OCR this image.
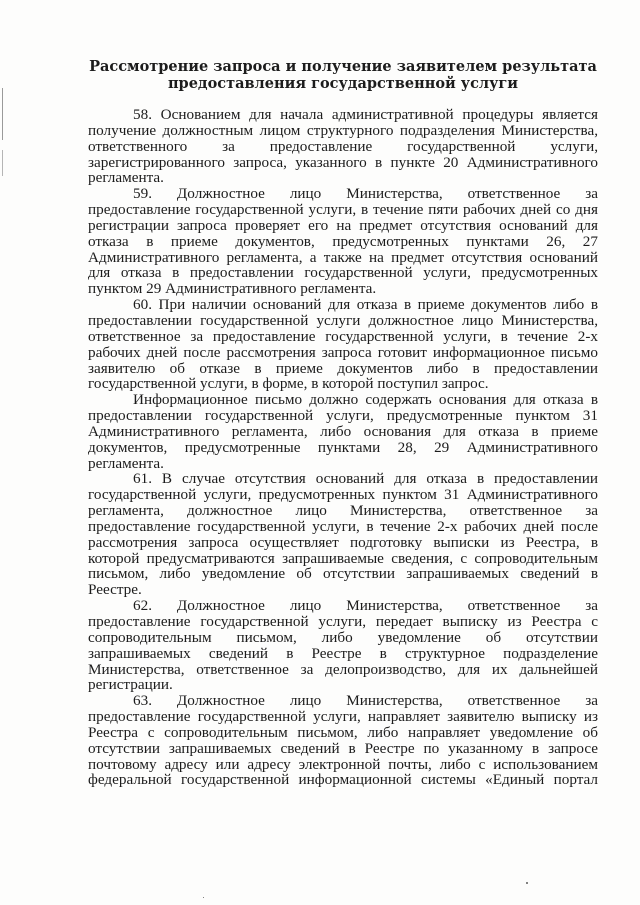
Рассмотрение запроса и получение заявителем результата
предоставления государственной услуги

58. Основанием для начала административной процедуры является получение должностным лицом структурного подразделения Министерства, ответственного за предоставление государственной услуги, зарегистрированного запроса, указанного в пункте 20 Административного регламента.

59. Должностное лицо Министерства, ответственное за предоставление государственной услуги, в течение пяти рабочих дней со дня регистрации запроса проверяет его на предмет отсутствия оснований для отказа в приеме документов, предусмотренных пунктами 26, 27 Административного регламента, а также на предмет отсутствия оснований для отказа в предоставлении государственной услуги, предусмотренных пунктом 29 Административного регламента.

60. При наличии оснований для отказа в приеме документов либо в предоставлении государственной услуги должностное лицо Министерства, ответственное за предоставление государственной услуги, в течение 2-х рабочих дней после рассмотрения запроса готовит информационное письмо заявителю об отказе в приеме документов либо в предоставлении государственной услуги, в форме, в которой поступил запрос.

Информационное письмо должно содержать основания для отказа в предоставлении государственной услуги, предусмотренные пунктом 31 Административного регламента, либо основания для отказа в приеме документов, предусмотренные пунктами 28, 29 Административного регламента.

61. В случае отсутствия оснований для отказа в предоставлении государственной услуги, предусмотренных пунктом 31 Административного регламента, должностное лицо Министерства, ответственное за предоставление государственной услуги, в течение 2-х рабочих дней после рассмотрения запроса осуществляет подготовку выписки из Реестра, в которой предусматриваются запрашиваемые сведения, с сопроводительным письмом, либо уведомление об отсутствии запрашиваемых сведений в Реестре.

62. Должностное лицо Министерства, ответственное за предоставление государственной услуги, передает выписку из Реестра с сопроводительным письмом, либо уведомление об отсутствии запрашиваемых сведений в Реестре в структурное подразделение Министерства, ответственное за делопроизводство, для их дальнейшей регистрации.

63. Должностное лицо Министерства, ответственное за предоставление государственной услуги, направляет заявителю выписку из Реестра с сопроводительным письмом, либо направляет уведомление об отсутствии запрашиваемых сведений в Реестре по указанному в запросе почтовому адресу или адресу электронной почты, либо с использованием федеральной государственной информационной системы «Единый портал
